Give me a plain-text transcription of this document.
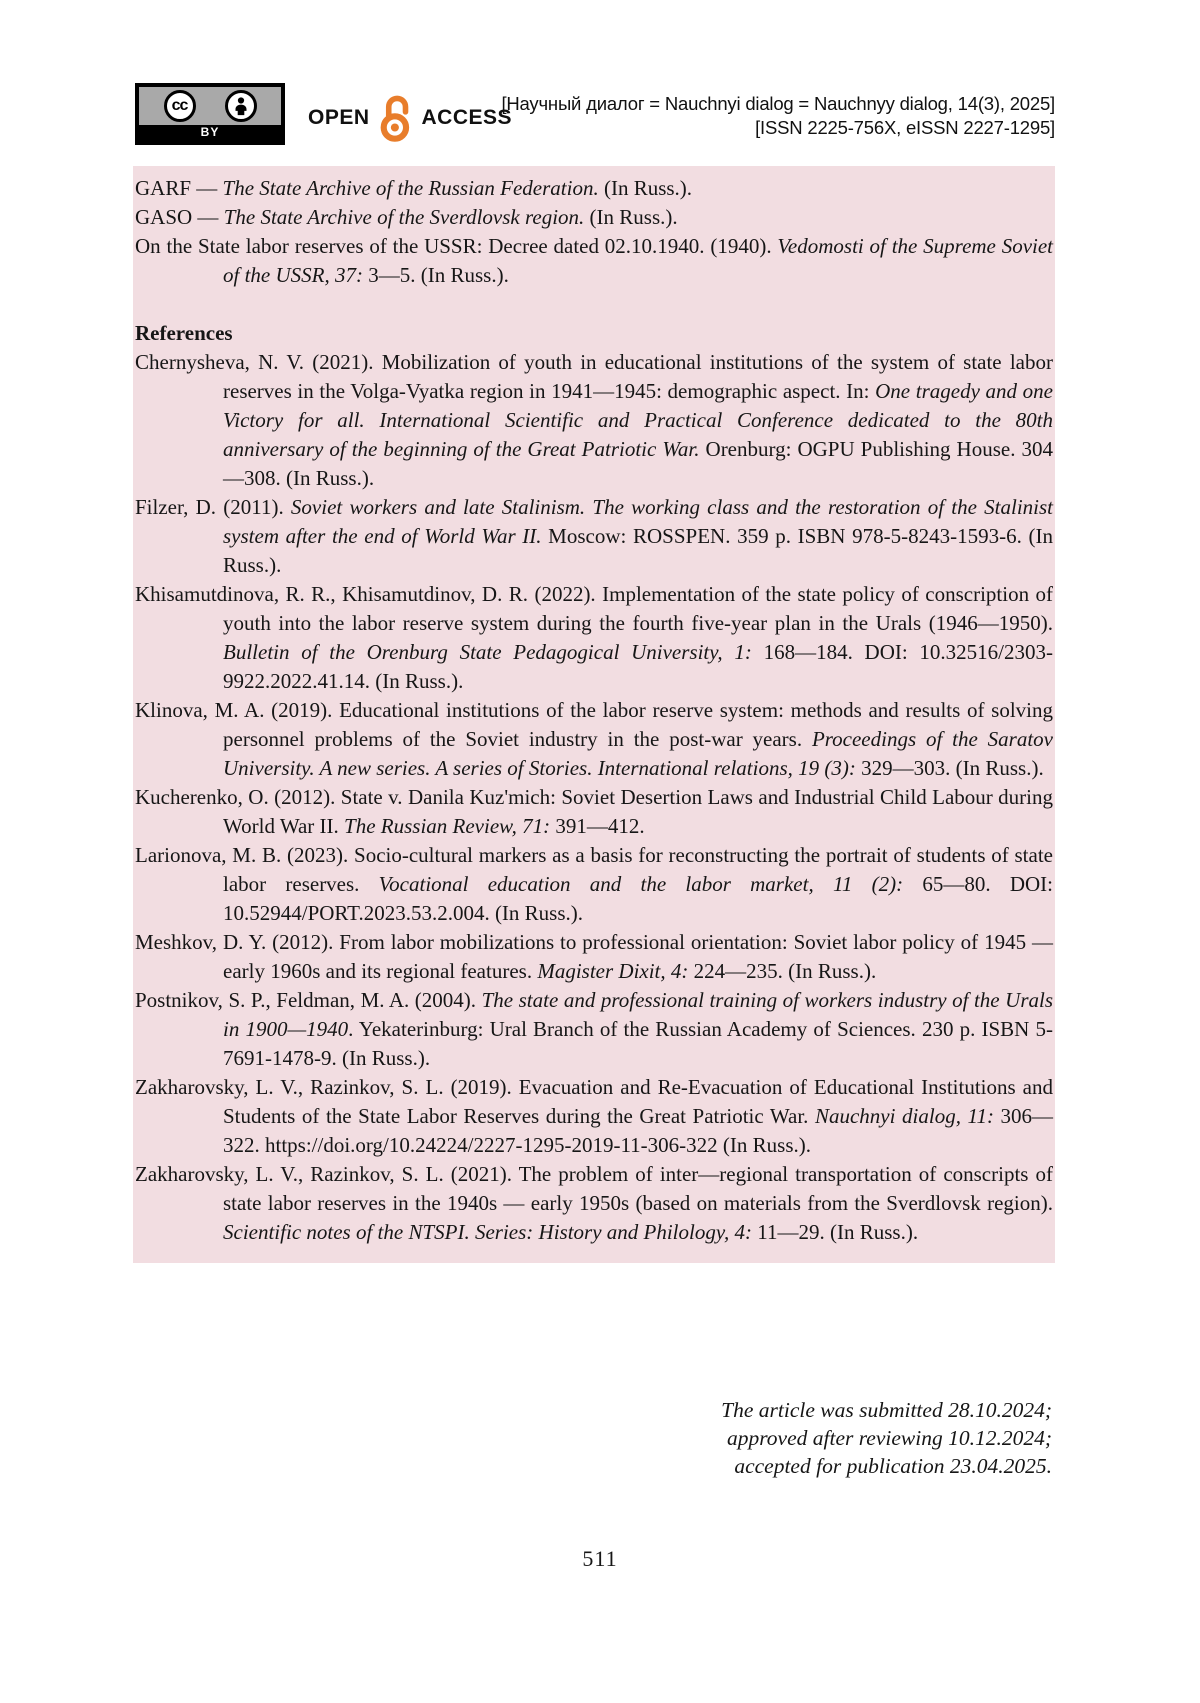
cc
BY
OPEN ACCESS
[Научный диалог = Nauchnyi dialog = Nauchnyy dialog, 14(3), 2025]
[ISSN 2225-756X, eISSN 2227-1295]

GARF — The State Archive of the Russian Federation. (In Russ.).

GASO — The State Archive of the Sverdlovsk region. (In Russ.).

On the State labor reserves of the USSR: Decree dated 02.10.1940. (1940). Vedomosti of the Supreme Soviet of the USSR, 37: 3—5. (In Russ.).

References

Chernysheva, N. V. (2021). Mobilization of youth in educational institutions of the system of state labor reserves in the Volga-Vyatka region in 1941—1945: demographic aspect. In: One tragedy and one Victory for all. International Scientific and Practical Conference dedicated to the 80th anniversary of the beginning of the Great Patriotic War. Orenburg: OGPU Publishing House. 304—308. (In Russ.).

Filzer, D. (2011). Soviet workers and late Stalinism. The working class and the restoration of the Stalinist system after the end of World War II. Moscow: ROSSPEN. 359 p. ISBN 978-5-8243-1593-6. (In Russ.).

Khisamutdinova, R. R., Khisamutdinov, D. R. (2022). Implementation of the state policy of conscription of youth into the labor reserve system during the fourth five-year plan in the Urals (1946—1950). Bulletin of the Orenburg State Pedagogical University, 1: 168—184. DOI: 10.32516/2303-9922.2022.41.14. (In Russ.).

Klinova, M. A. (2019). Educational institutions of the labor reserve system: methods and results of solving personnel problems of the Soviet industry in the post-war years. Proceedings of the Saratov University. A new series. A series of Stories. International relations, 19 (3): 329—303. (In Russ.).

Kucherenko, O. (2012). State v. Danila Kuz'mich: Soviet Desertion Laws and Industrial Child Labour during World War II. The Russian Review, 71: 391—412.

Larionova, M. B. (2023). Socio-cultural markers as a basis for reconstructing the portrait of students of state labor reserves. Vocational education and the labor market, 11 (2): 65—80. DOI: 10.52944/PORT.2023.53.2.004. (In Russ.).

Meshkov, D. Y. (2012). From labor mobilizations to professional orientation: Soviet labor policy of 1945 — early 1960s and its regional features. Magister Dixit, 4: 224—235. (In Russ.).

Postnikov, S. P., Feldman, M. A. (2004). The state and professional training of workers industry of the Urals in 1900—1940. Yekaterinburg: Ural Branch of the Russian Academy of Sciences. 230 p. ISBN 5-7691-1478-9. (In Russ.).

Zakharovsky, L. V., Razinkov, S. L. (2019). Evacuation and Re-Evacuation of Educational Institutions and Students of the State Labor Reserves during the Great Patriotic War. Nauchnyi dialog, 11: 306—322. https://doi.org/10.24224/2227-1295-2019-11-306-322 (In Russ.).

Zakharovsky, L. V., Razinkov, S. L. (2021). The problem of inter—regional transportation of conscripts of state labor reserves in the 1940s — early 1950s (based on materials from the Sverdlovsk region). Scientific notes of the NTSPI. Series: History and Philology, 4: 11—29. (In Russ.).

The article was submitted 28.10.2024;
approved after reviewing 10.12.2024;
accepted for publication 23.04.2025.
511
